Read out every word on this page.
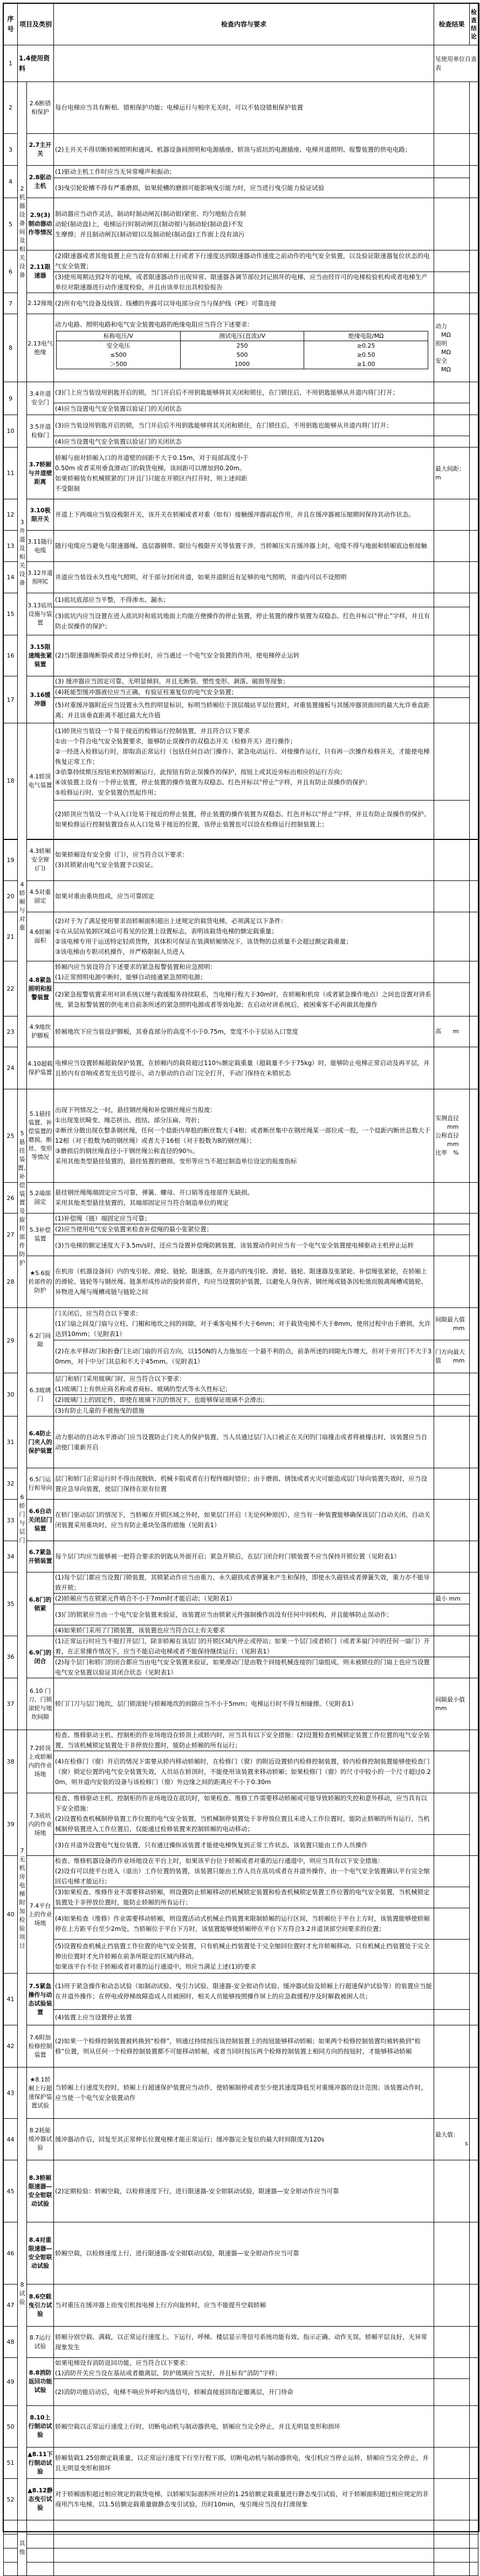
序号	项目及类别	检查内容与要求	检查结果	检查结论
1	1.4使用资料	
	见使用单位自查表
2	2机器设备间及相关设备	2.6断错相保护	
每台电梯应当具有断相、错相保护功能；电梯运行与相序无关时，可以不装设错相保护装置

3	2.7主开关	
(2)主开关不得切断轿厢照明和通风、机器设备间照明和电源插座、轿顶与底坑的电源插座、电梯井道照明、报警装置的供电电路；

4	2.8驱动主机	
(1)驱动主机工作时应当无异常噪声和振动；

(3)曳引轮轮槽不得有严重磨损，如果轮槽的磨损可能影响曳引能力时，应当进行曳引能力验证试验

5	2.9(3)制动器动作等情况	
制动器应当动作灵活，制动时制动闸瓦(制动钳)紧密、均匀地贴合在制
动轮(制动盘)上，电梯运行时制动闸瓦(制动钳)与制动轮(制动盘)不发
生摩擦；并且制动闸瓦(制动钳)以及制动轮(制动盘)工作面上没有油污

6	2.11限速器	
(2)限速器或者其他装置上应当设有在轿厢上行或者下行速度达到限速器动作速度之前动作的电气安全装置，以及验证限速器复位状态的电气安全装置；

(3)使用周期达到2年的电梯，或者限速器动作出现异常、限速器各调节部位封记损坏的电梯，应当由经许可的电梯检验机构或者电梯生产单位对限速器进行动作速度校验，并且由该单位出具校验报告

7	2.12接地	(2)所有电气设备及线管、线槽的外露可以导电部分应当与保护线（PE）可靠连接

8	2.13电气绝缘	
动力电路、照明电路和电气安全装置电路的绝缘电阻应当符合下述要求：
标称电压/V	测试电压(直流)/V	绝缘电阻/MΩ

安全电压
≤500
＞500

250
500
1000

≥0.25
≥0.50
≥1.00
	动力
　MΩ
照明
　MΩ
安全
　MΩ	
9	3井道及相关设备	3.4井道安全门	
(3)门上应当装设用钥匙开启的锁，当门开启后不用钥匙能够将其关闭和锁住，在门锁住后，不用钥匙能够从井道内将门打开；

(4)应当设置电气安全装置以验证门的关闭状态

10	3.5井道检修门	
(3)应当装设用钥匙开启的锁，当门开启后不用钥匙能够将其关闭和锁住，在门锁住后，不用钥匙也能够从井道内将门打开；

(4)应当设置电气安全装置以验证门的关闭状态

11	3.7轿厢与井道壁距离	
轿厢与面对轿厢入口的井道壁的间距不大于0.15m，对于局部高度小于
0.50m 或者采用垂直滑动门的载货电梯，该间距可以增加到0.20m。
如果轿厢装有机械锁紧的门并且门只能在开锁区内打开时，则上述间距
不受限制
	最大间距：　m	
12	3.10极限开关	
井道上下两端应当装设极限开关，该开关在轿厢或者对重（如有）接触缓冲器前起作用，并且在缓冲器被压缩期间保持其动作状态。

13	3.11随行电缆	
随行电缆应当避免与限速器绳、选层器钢带、限位与极限开关等装置干涉，当轿厢压实在缓冲器上时，电缆不得与地面和轿厢底边框接触

14	3.12井道照明C	
井道应当装设永久性电气照明。对于部分封闭井道，如果井道附近有足够的电气照明，井道内可以不设照明

15	3.13底坑设施与装置	
(1)底坑底部应当平整，不得渗水、漏水；

(3)底坑内应当设置在进入底坑时和底坑地面上均能方便操作的停止装置，停止装置的操作装置为双稳态、红色并标以“停止”字样，并且有防止误操作的保护；

16	3.15限速绳张紧装置	
(2)当限速器绳断裂或者过分伸长时，应当通过一个电气安全装置的作用，使电梯停止运转

17	3.16缓冲器	
(3) 缓冲器应当固定可靠、无明显倾斜，并且无断裂、塑性变形、剥落、破损等现象；

(4)耗能型缓冲器液位应当正确，有验证柱塞复位的电气安全装置；

(5)对重缓冲器附近应当设置永久性的明显标识，标明当轿厢位于顶层端站平层位置时，对重装置撞板与其缓冲器顶面间的最大允许垂直距离；并且该垂直距离不超过最大允许值

18	4轿厢与对重	4.1轿顶电气装置	
(1)轿顶应当装设一个易于接近的检修运行控制装置，并且符合以下要求
①由一个符合电气安全装置要求，能够防止误操作的双稳态开关（检修开关）进行操作；
②一经进入检修运行时，即取消正常运行（包括任何自动门操作）、紧急电动运行、对接操作运行，只有再一次操作检修开关，才能使电梯恢复正常工作；
③依靠持续揿压按钮来控制轿厢运行，此按钮有防止误操作的保护，按钮上或其近旁标出相应的运行方向；
④该装置上设有一个停止装置，停止装置的操作装置为双稳态、红色并标以“停止”字样，并且有防止误操作的保护；
⑤检修运行时，安全装置仍然起作用；

(2)轿顶应当装设一个从入口处易于接近的停止装置，停止装置的操作装置为双稳态、红色并标以“停止”字样，并且有防止误操作的保护。如果检修运行控制装置设在从入口处易于接近的位置，该停止装置也可以设在检修运行控制装置上；

19	4.3轿厢安全窗(门)	
如果轿厢设有安全窗（门），应当符合以下要求：
(3)其锁紧由电气安全装置予以验证。

20	4.5对重固定	
如果对重由重块组成，应当可靠固定

21	4.6轿厢面积	
(2)对于为了满足使用要求而轿厢面积超出上述规定的载货电梯，必须满足以下条件：
①在从层站装卸区域总可看见的位置上设置标志，表明该载货电梯的额定载重量；
②该电梯专用于运送特定轻质货物，其体积可保证在装满轿厢情况下，该货物的总质量不会超过额定载重量；
③该电梯由专职司机操作，并严格限制人员进入

22	4.8紧急照明和报警装置	
轿厢内应当装设符合下述要求的紧急报警装置和应急照明：
(1)正常照明电源中断时，能够自动接通紧急照明电源；

(2)紧急报警装置采用对讲系统以便与救援服务持续联系，当电梯行程大于30m时，在轿厢和机房（或者紧急操作地点）之间也设置对讲系统，紧急报警装置的供电来自前条所述的紧急照明电源或者等效电源；在启动对讲系统后，被困乘客不必再做其他操作

23	4.9地坎护脚板	
轿厢地坎下应当装设护脚板，其垂直部分的高度不小于0.75m，宽度不小于层站入口宽度	高　　m	
24	4.10超载保护装置	
电梯应当设置轿厢超载保护装置，在轿厢内的载荷超过110％额定载重量（超载量不少于75kg）时，能够防止电梯正常启动及再平层，并且轿内有音响或者发光信号提示，动力驱动的自动门完全打开，手动门保持在未锁状态

25	5悬挂装置、补偿装置及旋转部件防护	5.1悬挂装置、补偿装置的磨损、断丝、变形等情况	
出现下列情况之一时，悬挂钢丝绳和补偿钢丝绳应当报废：
①出现笼状畸变、绳芯挤出、扭结、部分压扁、弯折；
②断丝分散出现在整条钢丝绳，任何一个捻距内单股的断丝数大于4根；或者断丝集中在钢丝绳某一部位或一股，一个捻距内断丝总数大于12根（对于股数为6的钢丝绳）或者大于16根（对于股数为8的钢丝绳）；
③磨损后的钢丝绳直径小于钢丝绳公称直径的90％。
采用其他类型悬挂装置的，悬挂装置的磨损、变形等应当不超过制造单位设定的报废指标
	实测直径
　　mm
公称直径
　　mm
比率　%	
26	5.2端部固定	
悬挂钢丝绳绳端固定应当可靠，弹簧、螺母、开口销等连接部件无缺损。
采用其他类型悬挂装置的，其端部固定应当符合制造单位的规定

27	5.3补偿装置	
(1)补偿绳（链）端固定应当可靠；

(2)应当使用电气安全装置来检查补偿绳的最小张紧位置；

(3)当电梯的额定速度大于3.5m/s时，还应当设置补偿绳防跳装置，该装置动作时应当有一个电气安全装置使电梯驱动主机停止运转

28	★5.6旋转部件的防护	
在机房（机器设备间）内的曳引轮、滑轮、链轮、限速器，在井道内的曳引轮、滑轮、链轮、限速器及张紧轮、补偿绳张紧轮，在轿厢上的滑轮、链轮等与钢丝绳、链条形成传动的旋转部件，均应当设置防护装置，以避免人身伤害、钢丝绳或链条因松弛而脱离绳槽或链轮、异物进入绳与绳槽或链与链轮之间

29	6轿门与层门	6.2门间隙	
门关闭后，应当符合以下要求：
(1)门扇之间及门扇与立柱、门楣和地坎之间的间隙，对于乘客电梯不大于6mm；对于载货电梯不大于8mm，使用过程中由于磨损，允许达到10mm；（见附表1）
	间隙最大值
　　　mm	

(2)在水平移动门和折叠门主动门扇的开启方向，以150N的人力施加在一个最不利的点，前条所述的间隙允许增大，但对于旁开门不大于30mm，对于中分门其总和不大于45mm。（见附表1）
	门方向最大
值　　mm
30	6.3玻璃门	
层门和轿门采用玻璃门时，应当符合以下要求：
(1)玻璃门上有供应商名称或者商标、玻璃的型式等永久性标记；

(2)玻璃门上的固定件，即使在玻璃下沉的情况下，也能够保证玻璃不会滑出；

(3)有防止儿童的手被拖曳的措施

31	6.4防止门夹人的保护装置	
动力驱动的自动水平滑动门应当设置防止门夹人的保护装置，当人员通过层门入口被正在关闭的门扇撞击或者将被撞击时，该装置应当自动使门重新开启

32	6.5门运行和导向	
层门和轿门正常运行时不得出现脱轨、机械卡阻或者在行程终端时错位；由于磨损、锈蚀或者火灾可能造成层门导向装置失效时，应当设置应急导向装置，使层门保持在原有位置

33	6.6自动关闭层门装置	
在轿门驱动层门的情况下，当轿厢在开锁区域之外时，如果层门开启（无论何种原因），应当有一种装置能够确保该层门自动关闭。自动关闭装置采用重块时，应当有防止重块坠落的措施（见附表1）

34	6.7紧急开锁装置	
每个层门均应当能够被一把符合要求的钥匙从外面开启；紧急开锁后，在层门闭合时门锁装置不应当保持开锁位置（见附表1）

35	6.8门的锁紧	
(1)每个层门都应当设置门锁装置，其锁紧动作应当由重力、永久磁铁或者弹簧来产生和保持，即使永久磁铁或者弹簧失效，重力亦不能导致开锁；

(2)轿厢应当在锁紧元件啮合不小于7mm时才能启动；（见附表1）	最小 mm

(3)门的锁紧应当由一个电气安全装置来验证，该装置应当由锁紧元件强制操作而没有任何中间机构，并且能够防止误动作；

(4)如果轿门采用了门锁装置，该装置也应当符合以上有关要求

36	6.9门的闭合	
(1)正常运行时应当不能打开层门，除非轿厢在该层门的开锁区域内停止或停站；如果一个层门或者轿门（或者多扇门中的任何一扇门）开着，在正常操作情况下，应当不能启动电梯或者不能保持继续运行；（见附表1）

(2)每个层门和轿门的闭合都应当由电气安全装置来验证，如果滑动门是由数个间接机械连接的门扇组成，则未被锁住的门扇上也应当设置电气安全装置以验证其闭合状态（见附表1）

37	6.10 门刀、门锁滚轮与地坎间隙	
轿门门刀与层门地坎，层门锁滚轮与轿厢地坎的间隙应当不小于5mm；电梯运行时不得互相碰擦。（见附表1）
	间隙最小值　mm	
38	7无机房电梯附加检验项目	7.2轿顶上或轿厢内的作业场地	
检查、维修驱动主机、控制柜的作业场地设在轿顶上或轿内时，应当具有以下安全措施：(2)设置检查机械锁定装置工作位置的电气安全装置，当该机械锁定装置处于非停放位置时，能防止轿厢的所有运行；

(4)在检修门（窗）开启的情况下需要从轿内移动轿厢时，在检修门（窗）的附近设置轿内检修控制装置，轿内检修控制装置能够使检查门（窗）锁定位置的电气安全装置失效，人员站在轿顶时，不能使用该装置来移动轿厢；如果检修门（窗）的尺寸中较小的一个尺寸超过0.20m，则井道内安装的设备与该检修门（窗）外边缘之间的距离应不小于0.30m

39	7.3底坑内的作业场地	
检查、维修驱动主机、控制柜的作业场地设在底坑时，如果检查、维修工作需要移动轿厢或可能导致轿厢的失控和意外移动，应当具有以下安全措施：
(2)设置检查机械制停装置工作位置的电气安全装置，当机械制停装置处于非停放位置且未进入工作位置时，能防止轿厢的所有运行，当机械制停装置进入工作位置后，仅能通过检修装置来控制轿厢的电动移动；

(3)在井道外设置电气复位装置，只有通过操纵该装置才能使电梯恢复到正常工作状态，该装置只能由工作人员操作

40	7.4平台上的作业场地	
检查、维修机器设备的作业场地设在平台上时，如果该平台位于轿厢或者对重的运行通道中，则应当具有以下安全措施：
(2)设有可以使平台进入（退出）工作位置的装置，该装置只能由工作人员在底坑或者在井道外操作，由一个电气安全装置确认平台完全缩回后电梯才能运行；

(3)如果检查、维修作业不需要移动轿厢，则设置防止轿厢移动的机械锁定装置和检查机械锁定装置工作位置的电气安全装置，当机械锁定装置处于非停放位置时，能防止轿厢的所有运行；

(4)如果检查（维修）作业需要移动轿厢，则设置活动式机械止挡装置来限制轿厢的运行区间，当轿厢位于平台上方时，该装置能够使轿厢停在上方距平台至少2m处，当轿厢位于平台下方时，该装置能够使轿厢停在平台下方符合3.2井道顶部空间要求的位置；

(5)设置检查机械止挡装置工作位置的电气安全装置，只有机械止挡装置处于完全缩回位置时才允许轿厢移动，只有机械止挡装置处于完全伸出位置时才允许轿厢在前条所限定的区域内移动。
如果该平台不位于轿厢或者对重的运行通道中，则应当满足上述(1)的要求

41	7.5紧急操作与动态试验装置	
(1)用于紧急操作和动态试验（如制动试验、曳引力试验、限速器-安全钳动作试验、缓冲器试验及轿厢上行超速保护试验等）的装置应当能在井道外操作；在停电或停梯故障造成人员被困时，相关人员能够按照操作屏上的应急救援程序及时解救被困人员；

(4)装置上应当设置停止装置

42	7.6附加检修控制装置	
(2)如果一个检修控制装置被转换到“检修”，则通过持续按压该控制装置上的按钮能够移动轿厢；如果两个检修控制装置均被转换到“检修”位置，则从任何一个检修控制装置都不可能移动轿厢，或者当同时按压两个检修控制装置上相同方向的按钮时，才能够移动轿厢

43	8试验	★8.1轿厢上行超速保护装置试验	
当轿厢上行速度失控时，轿厢上行超速保护装置应当动作，使轿厢制停或者至少使其速度降低至对重缓冲器的设计范围；该装置动作时，应当使一个电气安全装置动作

44	8.2耗能缓冲器试验	
缓冲器动作后，回复至其正常伸长位置电梯才能正常运行；缓冲器完全复位的最大时间限度为120s
	最大值：
　　　　　s	
45	8.3轿厢限速器—安全钳联动试验	
(2)定期检验：轿厢空载，以检修速度下行，进行限速器-安全钳联动试验，限速器—安全钳动作应当可靠

46	8.4对重限速器—安全钳联动试验	
轿厢空载，以检修速度上行，进行限速器-安全钳联动试验，限速器—安全钳动作应当可靠

47	8.6空载曳引力试验	
当对重压在缓冲器上而曳引机按电梯上行方向旋转时，应当不能提升空载轿厢

48	8.7运行试验	
轿厢分别空载、满载，以正常运行速度上、下运行，呼梯、楼层显示等信号系统功能有效、指示正确、动作无误，轿厢平层良好，无异常现象发生

49	8.8消防返回功能试验	
如果电梯设有消防返回功能，应当符合以下要求：
(1)消防开关应当设在基站或者撤离层，防护玻璃应当完好，并且标有“消防”字样；

(2)消防功能启动后，电梯不响应外呼和内选信号，轿厢直接返回指定撤离层，开门待命

50	8.10上行制动试验	
轿厢空载以正常运行速度上行时，切断电动机与制动器供电，轿厢应当完全停止，并且无明显变形和损坏

51	▲8.11下行制动试验	
轿厢装载1.25倍额定载重量，以正常运行速度下行至行程下部，切断电动机与制动器供电，曳引机应当停止运转，轿厢应当完全停止，并且无明显变形和损坏

52	▲8.12静态曳引试验	
对于轿厢面积超过相应规定的载货电梯，以轿厢实际面积所对应的1.25倍额定载重量进行静态曳引试验，对于轿厢面积超过相应规定的非商用汽车电梯，以1.5倍额定载重量做静态曳引试验，历时10min，曳引绳应当没有打滑现象

	其他		
